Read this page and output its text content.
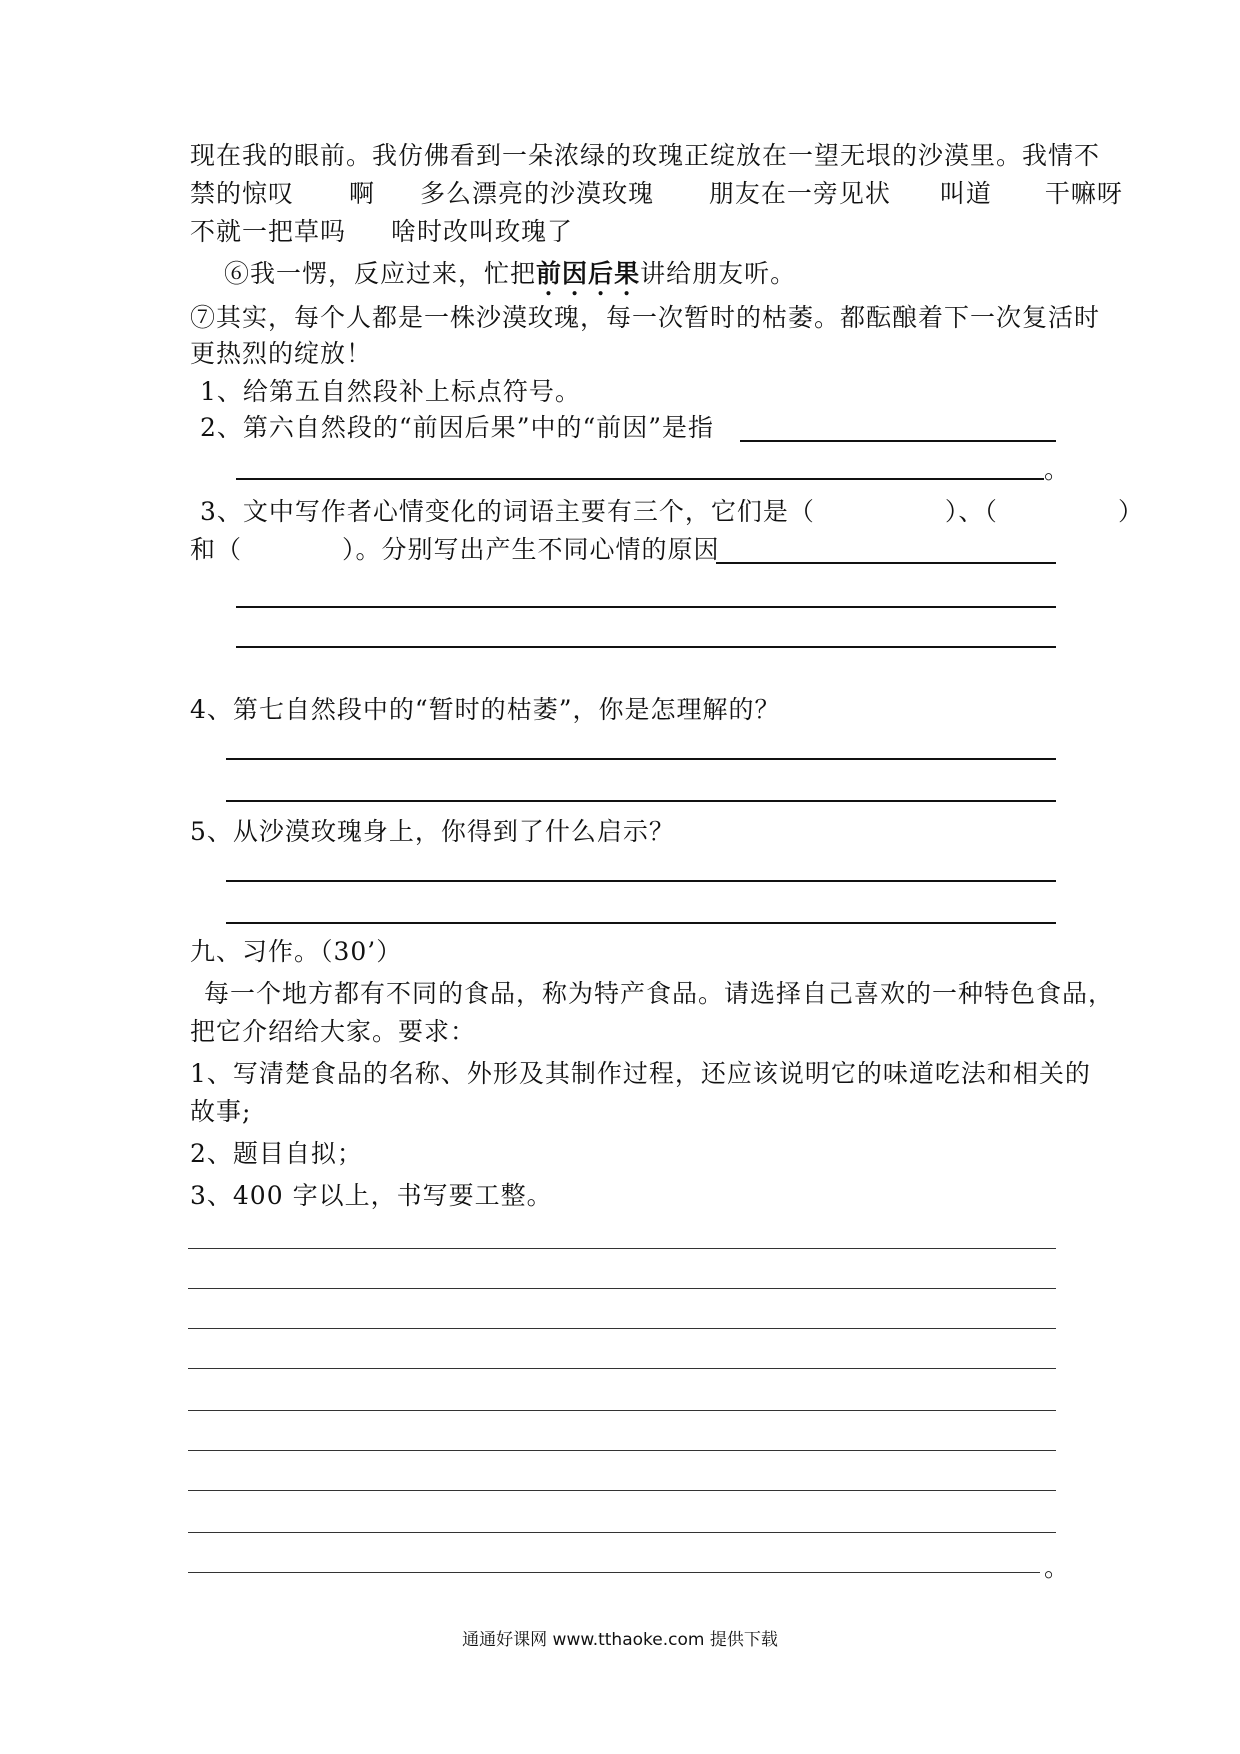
现在我的眼前。我仿佛看到一朵浓绿的玫瑰正绽放在一望无垠的沙漠里。我情不
禁的惊叹 啊 多么漂亮的沙漠玫瑰 朋友在一旁见状 叫道 干嘛呀
不就一把草吗 啥时改叫玫瑰了
⑥我一愣，反应过来，忙把前因后果讲给朋友听。
⑦其实，每个人都是一株沙漠玫瑰，每一次暂时的枯萎。都酝酿着下一次复活时
更热烈的绽放！
1、给第五自然段补上标点符号。
2、第六自然段的“前因后果”中的“前因”是指
。
3、文中写作者心情变化的词语主要有三个，它们是（	）、（	）
和（	）。分别写出产生不同心情的原因
4、第七自然段中的“暂时的枯萎”，你是怎理解的？
5、从沙漠玫瑰身上，你得到了什么启示？
九、习作。（30’）
每一个地方都有不同的食品，称为特产食品。请选择自己喜欢的一种特色食品，
把它介绍给大家。要求：
1、写清楚食品的名称、外形及其制作过程，还应该说明它的味道吃法和相关的
故事;
2、题目自拟；
3、400 字以上，书写要工整。
。
通通好课网 www.tthaoke.com 提供下载
